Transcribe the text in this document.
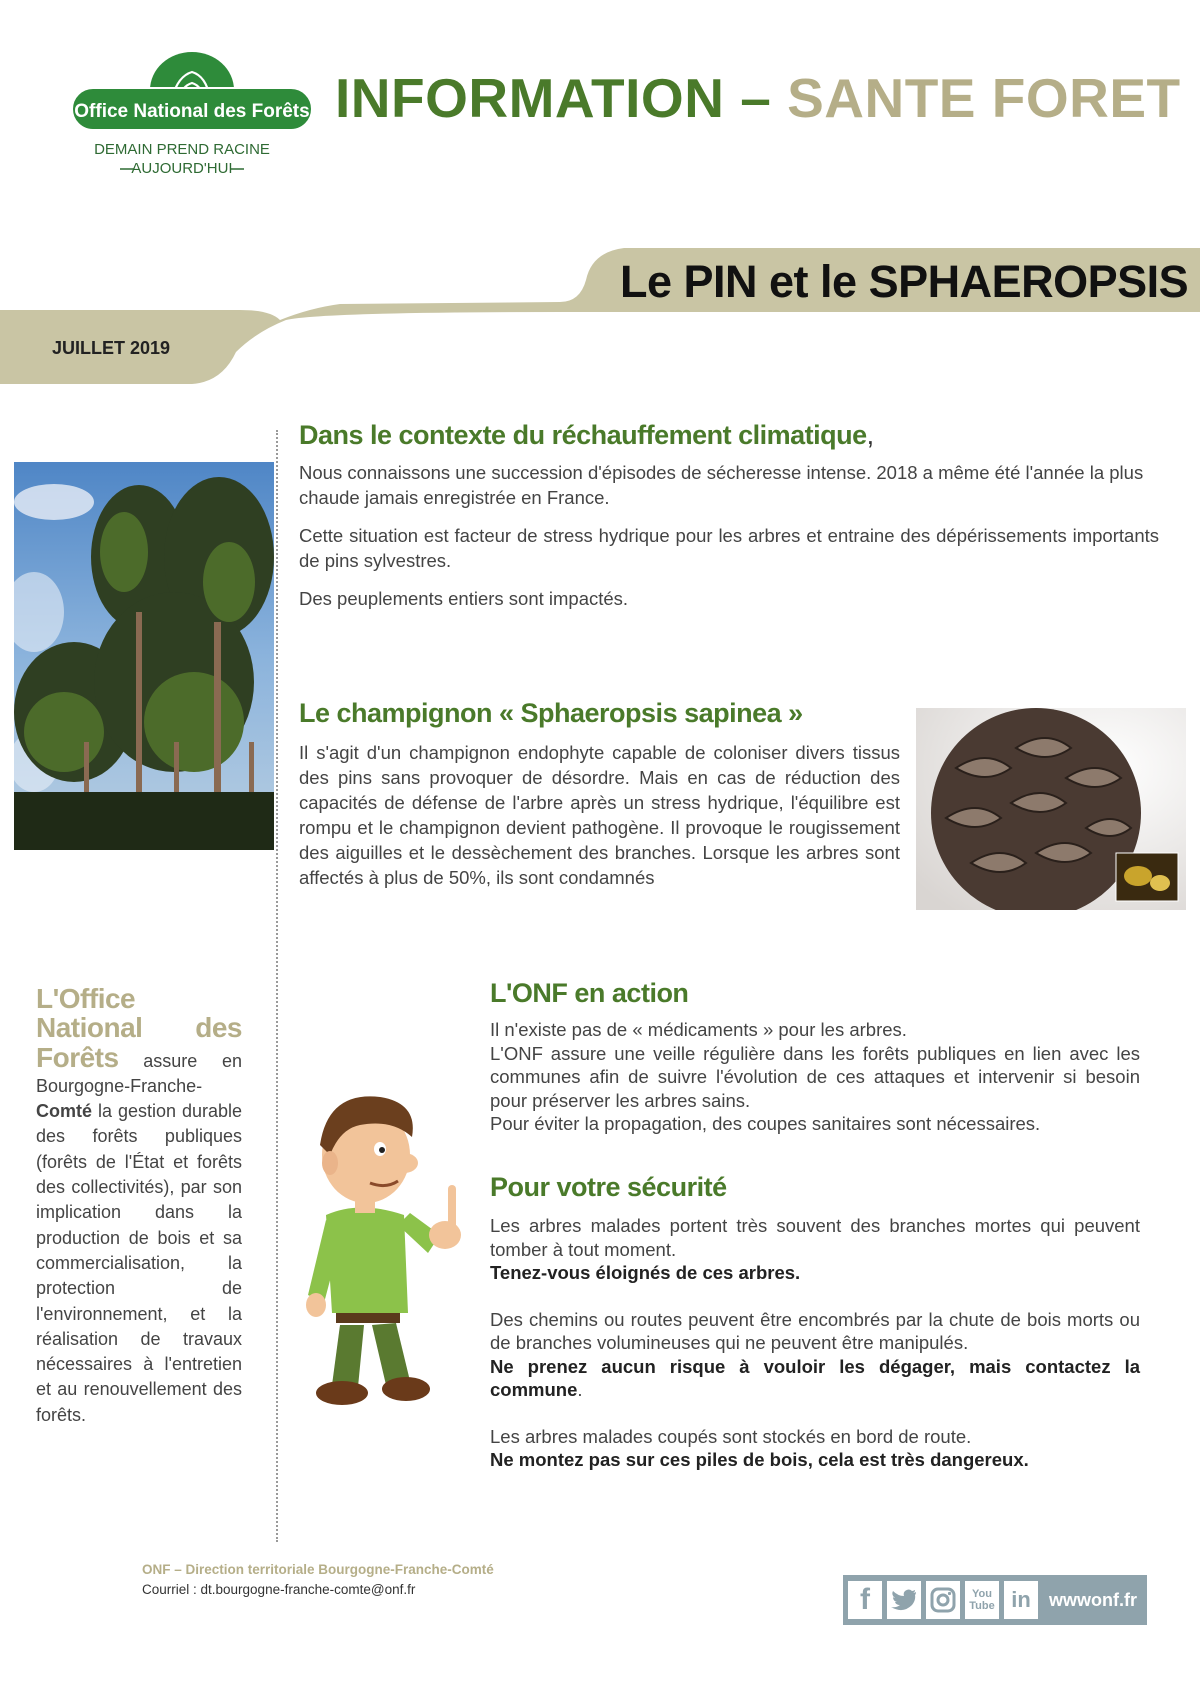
Office National des Forêts
DEMAIN PREND RACINE
AUJOURD'HUI
INFORMATION – SANTE FORET
Le PIN et le SPHAEROPSIS
JUILLET 2019
Dans le contexte du réchauffement climatique,

Nous connaissons une succession d'épisodes de sécheresse intense. 2018 a même été l'année la plus chaude jamais enregistrée en France.

Cette situation est facteur de stress hydrique pour les arbres et entraine des dépérissements importants de pins sylvestres.

Des peuplements entiers sont impactés.

Le champignon « Sphaeropsis sapinea »

Il s'agit d'un champignon endophyte capable de coloniser divers tissus des pins sans provoquer de désordre. Mais en cas de réduction des capacités de défense de l'arbre après un stress hydrique, l'équilibre est rompu et le champignon devient pathogène. Il provoque le rougissement des aiguilles et le dessèchement des branches. Lorsque les arbres sont affectés à plus de 50%, ils sont condamnés

L'Office National des Forêts assure en Bourgogne-Franche-Comté la gestion durable des forêts publiques (forêts de l'État et forêts des collectivités), par son implication dans la production de bois et sa commercialisation, la protection de l'environnement, et la réalisation de travaux nécessaires à l'entretien et au renouvellement des forêts.
L'ONF en action

Il n'existe pas de « médicaments » pour les arbres.

L'ONF assure une veille régulière dans les forêts publiques en lien avec les communes afin de suivre l'évolution de ces attaques et intervenir si besoin pour préserver les arbres sains.

Pour éviter la propagation, des coupes sanitaires sont nécessaires.

Pour votre sécurité

Les arbres malades portent très souvent des branches mortes qui peuvent tomber à tout moment.

Tenez-vous éloignés de ces arbres.

Des chemins ou routes peuvent être encombrés par la chute de bois morts ou de branches volumineuses qui ne peuvent être manipulés.

Ne prenez aucun risque à vouloir les dégager, mais contactez la commune.

Les arbres malades coupés sont stockés en bord de route.

Ne montez pas sur ces piles de bois, cela est très dangereux.

ONF – Direction territoriale Bourgogne-Franche-Comté
Courriel : dt.bourgogne-franche-comte@onf.fr	f	You
Tube in	wwwonf.fr
